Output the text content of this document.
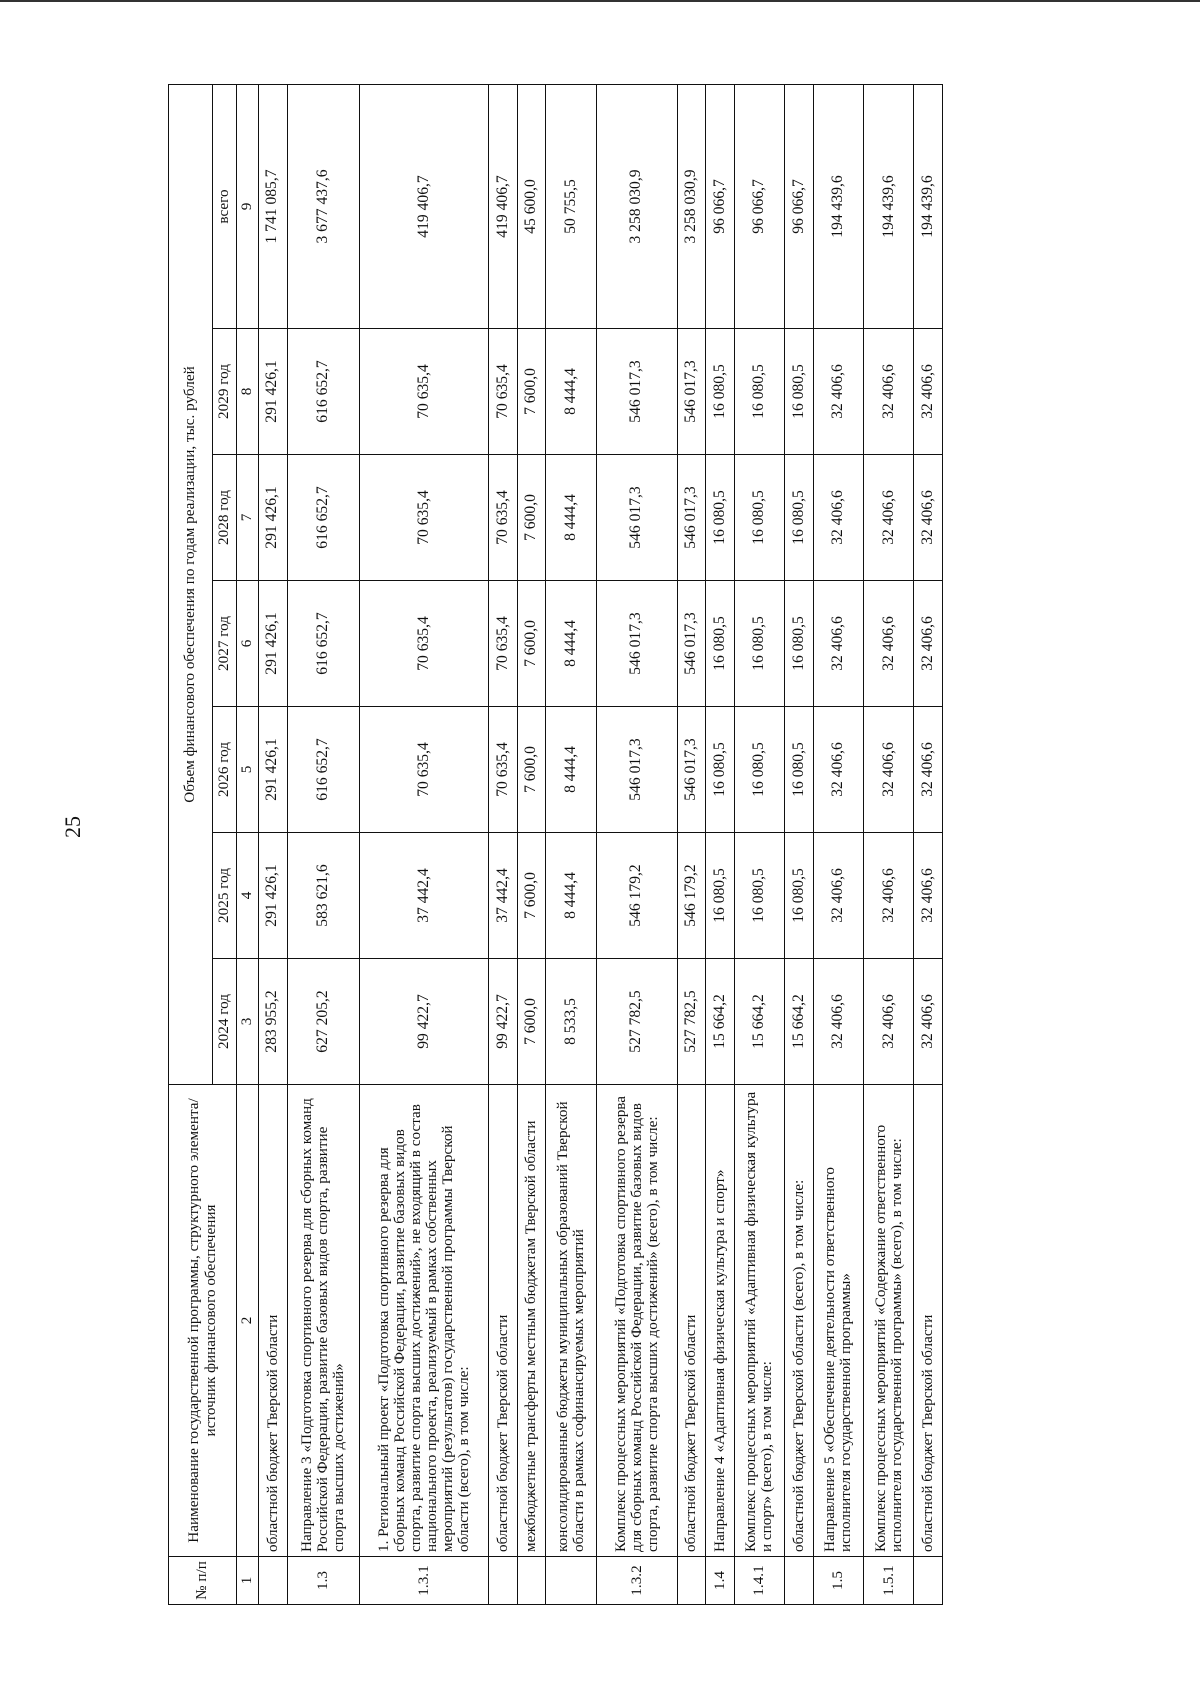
25
№ п/п	Наименование государственной программы, структурного элемента/источник финансового обеспечения	Объем финансового обеспечения по годам реализации, тыс. рублей						
		2024 год	2025 год	2026 год	2027 год	2028 год	2029 год	всего
1	2	3	4	5	6	7	8	9
	областной бюджет Тверской области	283 955,2	291 426,1	291 426,1	291 426,1	291 426,1	291 426,1	1 741 085,7
1.3	Направление 3 «Подготовка спортивного резерва для сборных команд Российской Федерации, развитие базовых видов спорта, развитие спорта высших достижений»	627 205,2	583 621,6	616 652,7	616 652,7	616 652,7	616 652,7	3 677 437,6
1.3.1	1. Региональный проект «Подготовка спортивного резерва для сборных команд Российской Федерации, развитие базовых видов спорта, развитие спорта высших достижений», не входящий в состав национального проекта, реализуемый в рамках собственных мероприятий (результатов) государственной программы Тверской области (всего), в том числе:	99 422,7	37 442,4	70 635,4	70 635,4	70 635,4	70 635,4	419 406,7
	областной бюджет Тверской области	99 422,7	37 442,4	70 635,4	70 635,4	70 635,4	70 635,4	419 406,7
	межбюджетные трансферты местным бюджетам Тверской области	7 600,0	7 600,0	7 600,0	7 600,0	7 600,0	7 600,0	45 600,0
	консолидированные бюджеты муниципальных образований Тверской области в рамках софинансируемых мероприятий	8 533,5	8 444,4	8 444,4	8 444,4	8 444,4	8 444,4	50 755,5
1.3.2	Комплекс процессных мероприятий «Подготовка спортивного резерва для сборных команд Российской Федерации, развитие базовых видов спорта, развитие спорта высших достижений» (всего), в том числе:	527 782,5	546 179,2	546 017,3	546 017,3	546 017,3	546 017,3	3 258 030,9
	областной бюджет Тверской области	527 782,5	546 179,2	546 017,3	546 017,3	546 017,3	546 017,3	3 258 030,9
1.4	Направление 4 «Адаптивная физическая культура и спорт»	15 664,2	16 080,5	16 080,5	16 080,5	16 080,5	16 080,5	96 066,7
1.4.1	Комплекс процессных мероприятий «Адаптивная физическая культура и спорт» (всего), в том числе:	15 664,2	16 080,5	16 080,5	16 080,5	16 080,5	16 080,5	96 066,7
	областной бюджет Тверской области (всего), в том числе:	15 664,2	16 080,5	16 080,5	16 080,5	16 080,5	16 080,5	96 066,7
1.5	Направление 5 «Обеспечение деятельности ответственного исполнителя государственной программы»	32 406,6	32 406,6	32 406,6	32 406,6	32 406,6	32 406,6	194 439,6
1.5.1	Комплекс процессных мероприятий «Содержание ответственного исполнителя государственной программы» (всего), в том числе:	32 406,6	32 406,6	32 406,6	32 406,6	32 406,6	32 406,6	194 439,6
	областной бюджет Тверской области	32 406,6	32 406,6	32 406,6	32 406,6	32 406,6	32 406,6	194 439,6
